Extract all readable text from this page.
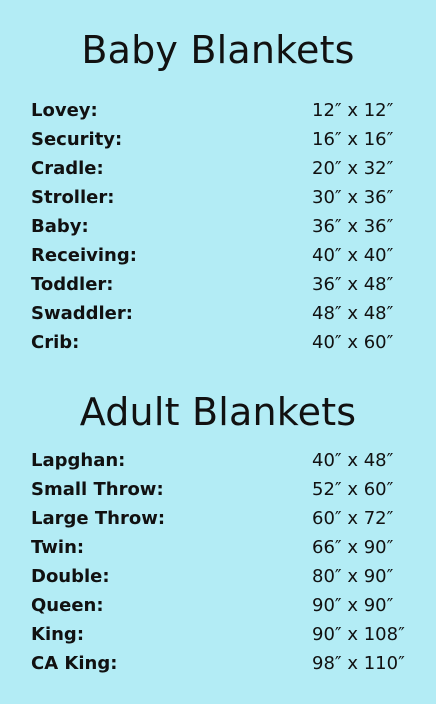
Baby Blankets
Lovey:	12″ x 12″
Security:	16″ x 16″
Cradle:	20″ x 32″
Stroller:	30″ x 36″
Baby:	36″ x 36″
Receiving:	40″ x 40″
Toddler:	36″ x 48″
Swaddler:	48″ x 48″
Crib:	40″ x 60″
Adult Blankets
Lapghan:	40″ x 48″
Small Throw:	52″ x 60″
Large Throw:	60″ x 72″
Twin:	66″ x 90″
Double:	80″ x 90″
Queen:	90″ x 90″
King:	90″ x 108″
CA King:	98″ x 110″
